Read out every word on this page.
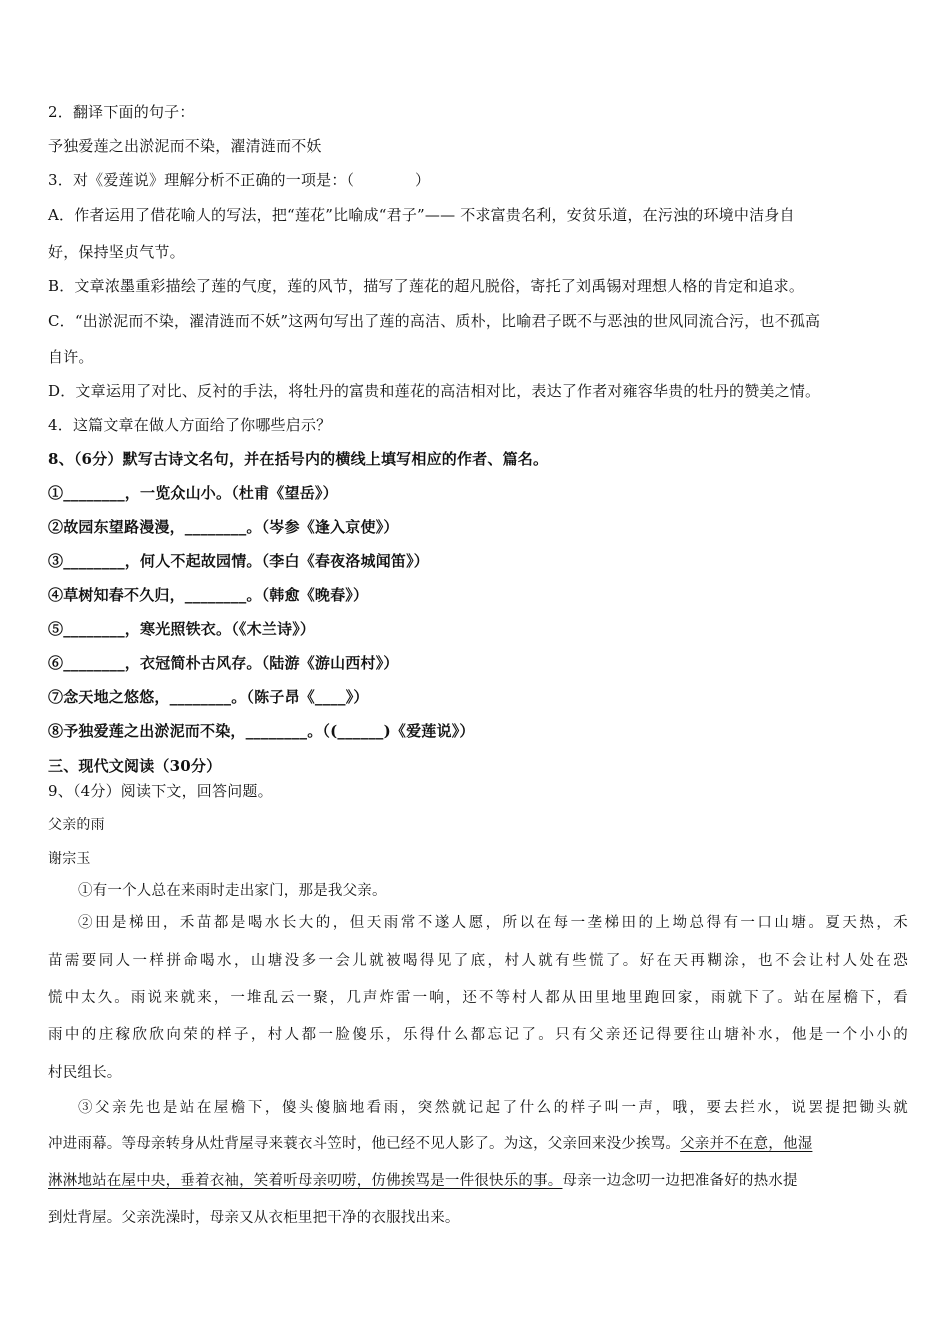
2．翻译下面的句子：
予独爱莲之出淤泥而不染，濯清涟而不妖
3．对《爱莲说》理解分析不正确的一项是：（　　　　）
A．作者运用了借花喻人的写法，把“莲花”比喻成“君子”—— 不求富贵名利，安贫乐道，在污浊的环境中洁身自
好，保持坚贞气节。
B．文章浓墨重彩描绘了莲的气度，莲的风节，描写了莲花的超凡脱俗，寄托了刘禹锡对理想人格的肯定和追求。
C．“出淤泥而不染，濯清涟而不妖”这两句写出了莲的高洁、质朴，比喻君子既不与恶浊的世风同流合污，也不孤高
自许。
D．文章运用了对比、反衬的手法，将牡丹的富贵和莲花的高洁相对比，表达了作者对雍容华贵的牡丹的赞美之情。
4．这篇文章在做人方面给了你哪些启示？
8、（6分）默写古诗文名句，并在括号内的横线上填写相应的作者、篇名。
①________，一览众山小。（杜甫《望岳》）
②故园东望路漫漫，________。（岑参《逢入京使》）
③________，何人不起故园情。（李白《春夜洛城闻笛》）
④草树知春不久归，________。（韩愈《晚春》）
⑤________，寒光照铁衣。（《木兰诗》）
⑥________，衣冠简朴古风存。（陆游《游山西村》）
⑦念天地之悠悠，________。（陈子昂《____》）
⑧予独爱莲之出淤泥而不染，________。（(______)《爱莲说》）
三、现代文阅读（30分）
9、（4分）阅读下文，回答问题。
父亲的雨
谢宗玉
①有一个人总在来雨时走出家门，那是我父亲。
②田是梯田，禾苗都是喝水长大的，但天雨常不遂人愿，所以在每一垄梯田的上坳总得有一口山塘。夏天热，禾
苗需要同人一样拼命喝水，山塘没多一会儿就被喝得见了底，村人就有些慌了。好在天再糊涂，也不会让村人处在恐
慌中太久。雨说来就来，一堆乱云一聚，几声炸雷一响，还不等村人都从田里地里跑回家，雨就下了。站在屋檐下，看
雨中的庄稼欣欣向荣的样子，村人都一脸傻乐，乐得什么都忘记了。只有父亲还记得要往山塘补水，他是一个小小的
村民组长。
③父亲先也是站在屋檐下，傻头傻脑地看雨，突然就记起了什么的样子叫一声，哦，要去拦水，说罢提把锄头就
冲进雨幕。等母亲转身从灶背屋寻来蓑衣斗笠时，他已经不见人影了。为这，父亲回来没少挨骂。父亲并不在意，他湿
淋淋地站在屋中央，垂着衣袖，笑着听母亲叨唠，仿佛挨骂是一件很快乐的事。母亲一边念叨一边把准备好的热水提
到灶背屋。父亲洗澡时，母亲又从衣柜里把干净的衣服找出来。
